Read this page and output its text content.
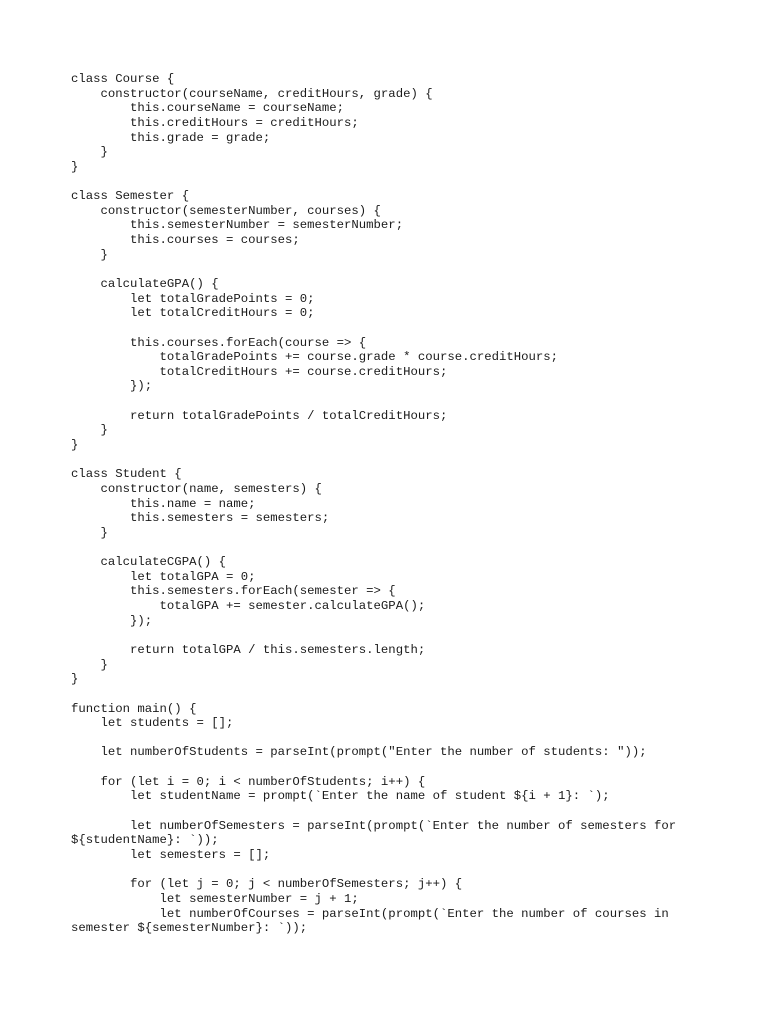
class Course {
constructor(courseName, creditHours, grade) {
this.courseName = courseName;
this.creditHours = creditHours;
this.grade = grade;
}
}
class Semester {
constructor(semesterNumber, courses) {
this.semesterNumber = semesterNumber;
this.courses = courses;
}
calculateGPA() {
let totalGradePoints = 0;
let totalCreditHours = 0;
this.courses.forEach(course => {
totalGradePoints += course.grade * course.creditHours;
totalCreditHours += course.creditHours;
});
return totalGradePoints / totalCreditHours;
}
}
class Student {
constructor(name, semesters) {
this.name = name;
this.semesters = semesters;
}
calculateCGPA() {
let totalGPA = 0;
this.semesters.forEach(semester => {
totalGPA += semester.calculateGPA();
});
return totalGPA / this.semesters.length;
}
}
function main() {
let students = [];
let numberOfStudents = parseInt(prompt("Enter the number of students: "));
for (let i = 0; i < numberOfStudents; i++) {
let studentName = prompt(`Enter the name of student ${i + 1}: `);
let numberOfSemesters = parseInt(prompt(`Enter the number of semesters for
${studentName}: `));
let semesters = [];
for (let j = 0; j < numberOfSemesters; j++) {
let semesterNumber = j + 1;
let numberOfCourses = parseInt(prompt(`Enter the number of courses in
semester ${semesterNumber}: `));
